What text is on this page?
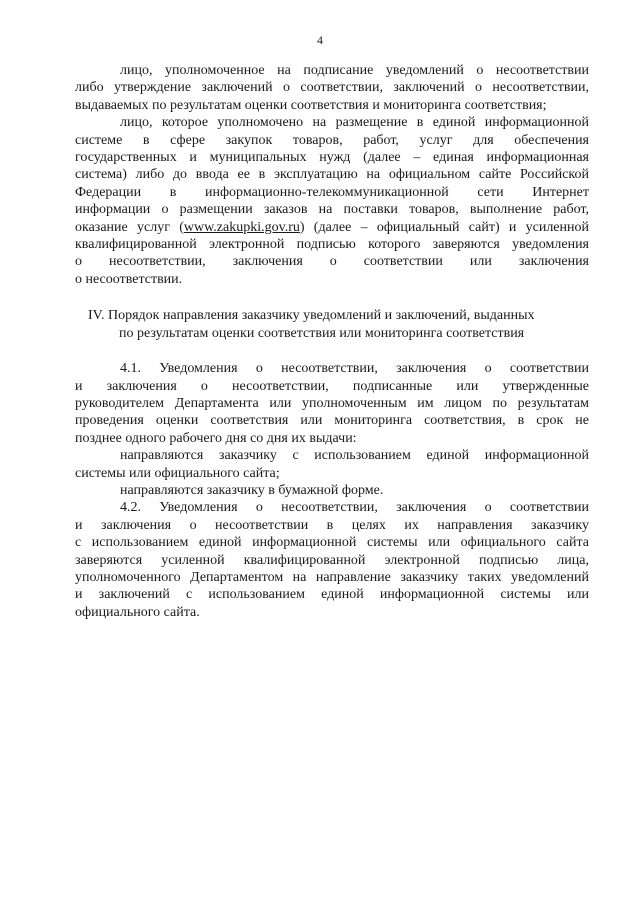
4

лицо, уполномоченное на подписание уведомлений о несоответствии
либо утверждение заключений о соответствии, заключений о несоответствии,
выдаваемых по результатам оценки соответствия и мониторинга соответствия;

лицо, которое уполномочено на размещение в единой информационной
системе в сфере закупок товаров, работ, услуг для обеспечения
государственных и муниципальных нужд (далее – единая информационная
система) либо до ввода ее в эксплуатацию на официальном сайте Российской
Федерации в информационно-телекоммуникационной сети Интернет
информации о размещении заказов на поставки товаров, выполнение работ,
оказание услуг (www.zakupki.gov.ru) (далее – официальный сайт) и усиленной
квалифицированной электронной подписью которого заверяются уведомления
о несоответствии, заключения о соответствии или заключения
о несоответствии.

IV. Порядок направления заказчику уведомлений и заключений, выданных
по результатам оценки соответствия или мониторинга соответствия

4.1. Уведомления о несоответствии, заключения о соответствии
и заключения о несоответствии, подписанные или утвержденные
руководителем Департамента или уполномоченным им лицом по результатам
проведения оценки соответствия или мониторинга соответствия, в срок не
позднее одного рабочего дня со дня их выдачи:

направляются заказчику с использованием единой информационной
системы или официального сайта;

направляются заказчику в бумажной форме.

4.2. Уведомления о несоответствии, заключения о соответствии
и заключения о несоответствии в целях их направления заказчику
с использованием единой информационной системы или официального сайта
заверяются усиленной квалифицированной электронной подписью лица,
уполномоченного Департаментом на направление заказчику таких уведомлений
и заключений с использованием единой информационной системы или
официального сайта.
